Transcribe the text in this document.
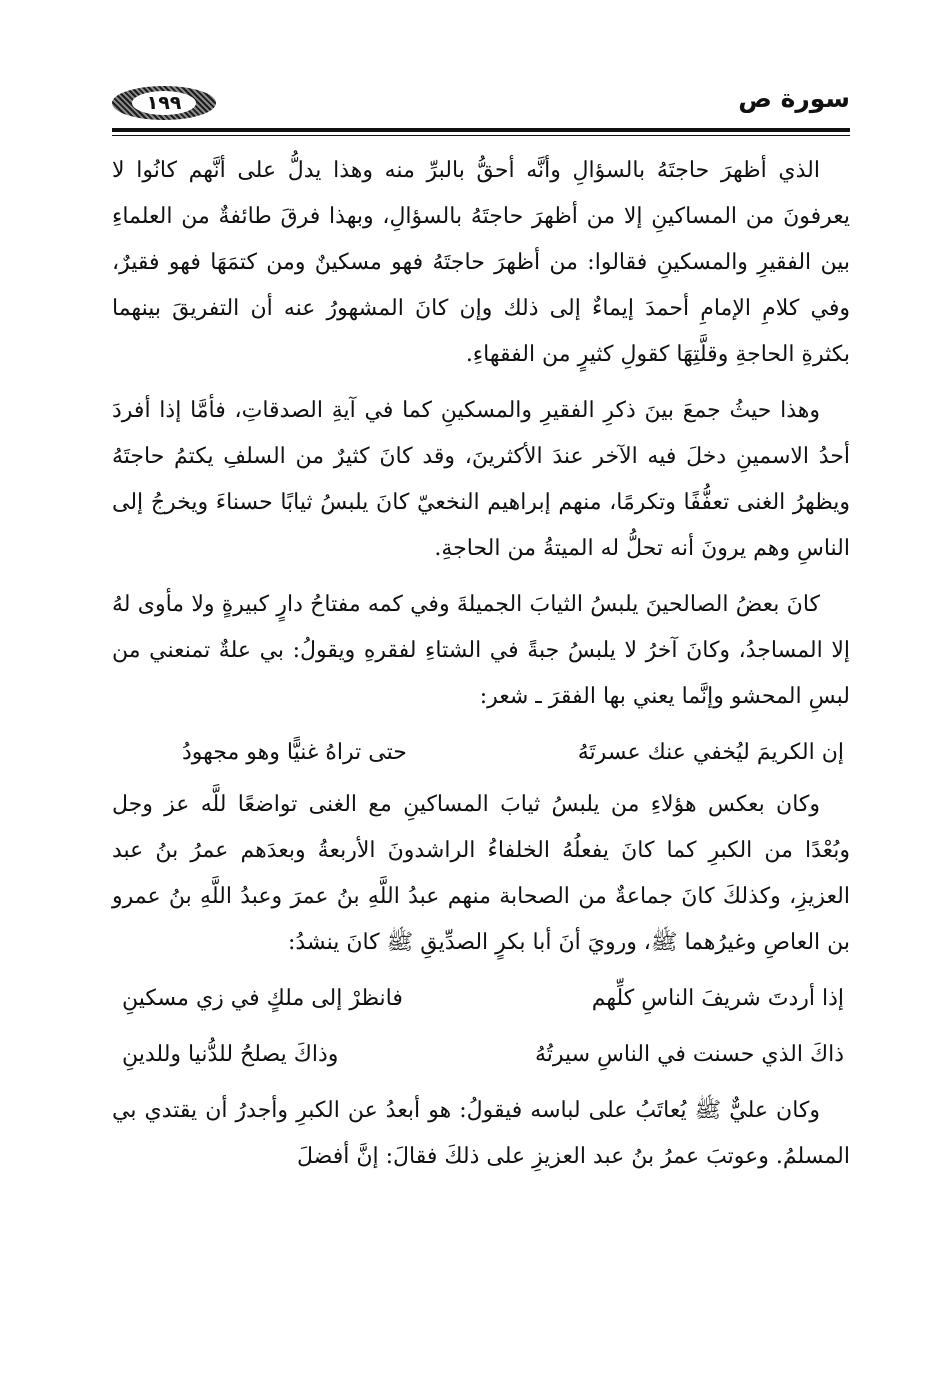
١٩٩	سورة ص

الذي أظهرَ حاجتَهُ بالسؤالِ وأنَّه أحقُّ بالبرِّ منه وهذا يدلُّ على أنَّهم كانُوا لا يعرفونَ من المساكينِ إلا من أظهرَ حاجتَهُ بالسؤالِ، وبهذا فرقَ طائفةٌ من العلماءِ بين الفقيرِ والمسكينِ فقالوا: من أظهرَ حاجتَهُ فهو مسكينٌ ومن كتمَهَا فهو فقيرٌ، وفي كلامِ الإمامِ أحمدَ إيماءٌ إلى ذلك وإن كانَ المشهورُ عنه أن التفريقَ بينهما بكثرةِ الحاجةِ وقلَّتِهَا كقولِ كثيرٍ من الفقهاءِ.

وهذا حيثُ جمعَ بينَ ذكرِ الفقيرِ والمسكينِ كما في آيةِ الصدقاتِ، فأمَّا إذا أفردَ أحدُ الاسمينِ دخلَ فيه الآخر عندَ الأكثرينَ، وقد كانَ كثيرٌ من السلفِ يكتمُ حاجتَهُ ويظهرُ الغنى تعفُّفًا وتكرمًا، منهم إبراهيم النخعيّ كانَ يلبسُ ثيابًا حسناءَ ويخرجُ إلى الناسِ وهم يرونَ أنه تحلُّ له الميتةُ من الحاجةِ.

كانَ بعضُ الصالحينَ يلبسُ الثيابَ الجميلةَ وفي كمه مفتاحُ دارٍ كبيرةٍ ولا مأوى لهُ إلا المساجدُ، وكانَ آخرُ لا يلبسُ جبةً في الشتاءِ لفقرهِ ويقولُ: بي علةٌ تمنعني من لبسِ المحشو وإنَّما يعني بها الفقرَ ـ شعر:

إن الكريمَ ليُخفي عنك عسرتَهُ
حتى تراهُ غنيًّا وهو مجهودُ

وكان بعكس هؤلاءِ من يلبسُ ثيابَ المساكينِ مع الغنى تواضعًا للَّه عز وجل وبُعْدًا من الكبرِ كما كانَ يفعلُهُ الخلفاءُ الراشدونَ الأربعةُ وبعدَهم عمرُ بنُ عبد العزيزِ، وكذلكَ كانَ جماعةٌ من الصحابة منهم عبدُ اللَّهِ بنُ عمرَ وعبدُ اللَّهِ بنُ عمرو بن العاصِ وغيرُهما ﷺ، ورويَ أنَ أبا بكرٍ الصدِّيقِ ﷺ كانَ ينشدُ:

إذا أردتَ شريفَ الناسِ كلِّهم
فانظرْ إلى ملكٍ في زي مسكينِ
ذاكَ الذي حسنت في الناسِ سيرتُهُ
وذاكَ يصلحُ للدُّنيا وللدينِ

وكان عليٌّ ﷺ يُعاتَبُ على لباسه فيقولُ: هو أبعدُ عن الكبرِ وأجدرُ أن يقتدي بي المسلمُ. وعوتبَ عمرُ بنُ عبد العزيزِ على ذلكَ فقالَ: إنَّ أفضلَ
